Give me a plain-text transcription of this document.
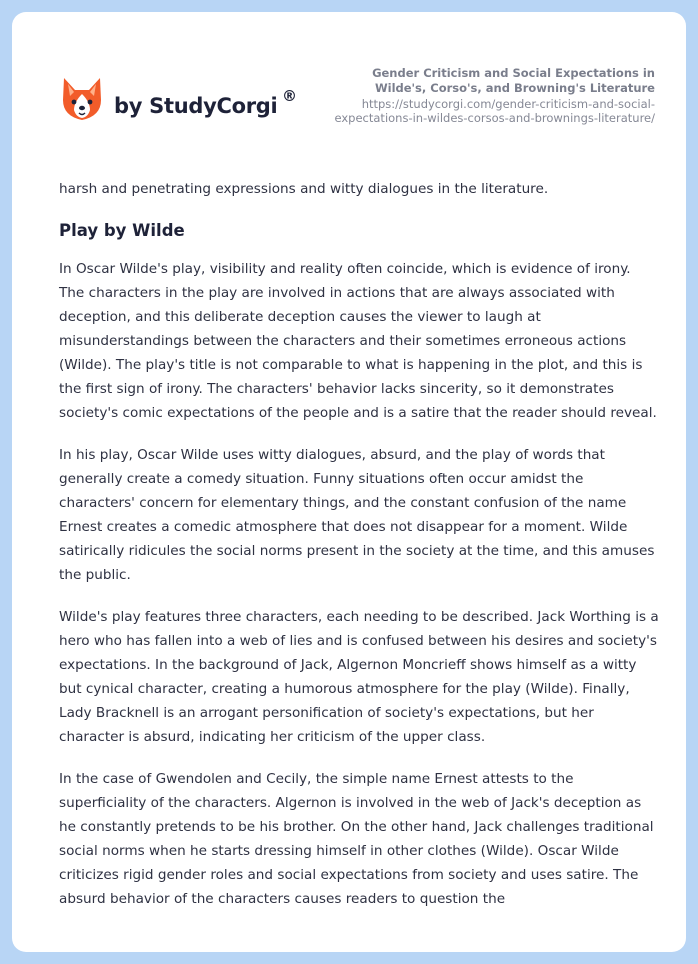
by StudyCorgi ®
Gender Criticism and Social Expectations in Wilde's, Corso's, and Browning's Literature
https://studycorgi.com/gender-criticism-and-social-expectations-in-wildes-corsos-and-brownings-literature/

harsh and penetrating expressions and witty dialogues in the literature.

Play by Wilde

In Oscar Wilde's play, visibility and reality often coincide, which is evidence of irony. The characters in the play are involved in actions that are always associated with deception, and this deliberate deception causes the viewer to laugh at misunderstandings between the characters and their sometimes erroneous actions (Wilde). The play's title is not comparable to what is happening in the plot, and this is the first sign of irony. The characters' behavior lacks sincerity, so it demonstrates society's comic expectations of the people and is a satire that the reader should reveal.

In his play, Oscar Wilde uses witty dialogues, absurd, and the play of words that generally create a comedy situation. Funny situations often occur amidst the characters' concern for elementary things, and the constant confusion of the name Ernest creates a comedic atmosphere that does not disappear for a moment. Wilde satirically ridicules the social norms present in the society at the time, and this amuses the public.

Wilde's play features three characters, each needing to be described. Jack Worthing is a hero who has fallen into a web of lies and is confused between his desires and society's expectations. In the background of Jack, Algernon Moncrieff shows himself as a witty but cynical character, creating a humorous atmosphere for the play (Wilde). Finally, Lady Bracknell is an arrogant personification of society's expectations, but her character is absurd, indicating her criticism of the upper class.

In the case of Gwendolen and Cecily, the simple name Ernest attests to the superficiality of the characters. Algernon is involved in the web of Jack's deception as he constantly pretends to be his brother. On the other hand, Jack challenges traditional social norms when he starts dressing himself in other clothes (Wilde). Oscar Wilde criticizes rigid gender roles and social expectations from society and uses satire. The absurd behavior of the characters causes readers to question the
